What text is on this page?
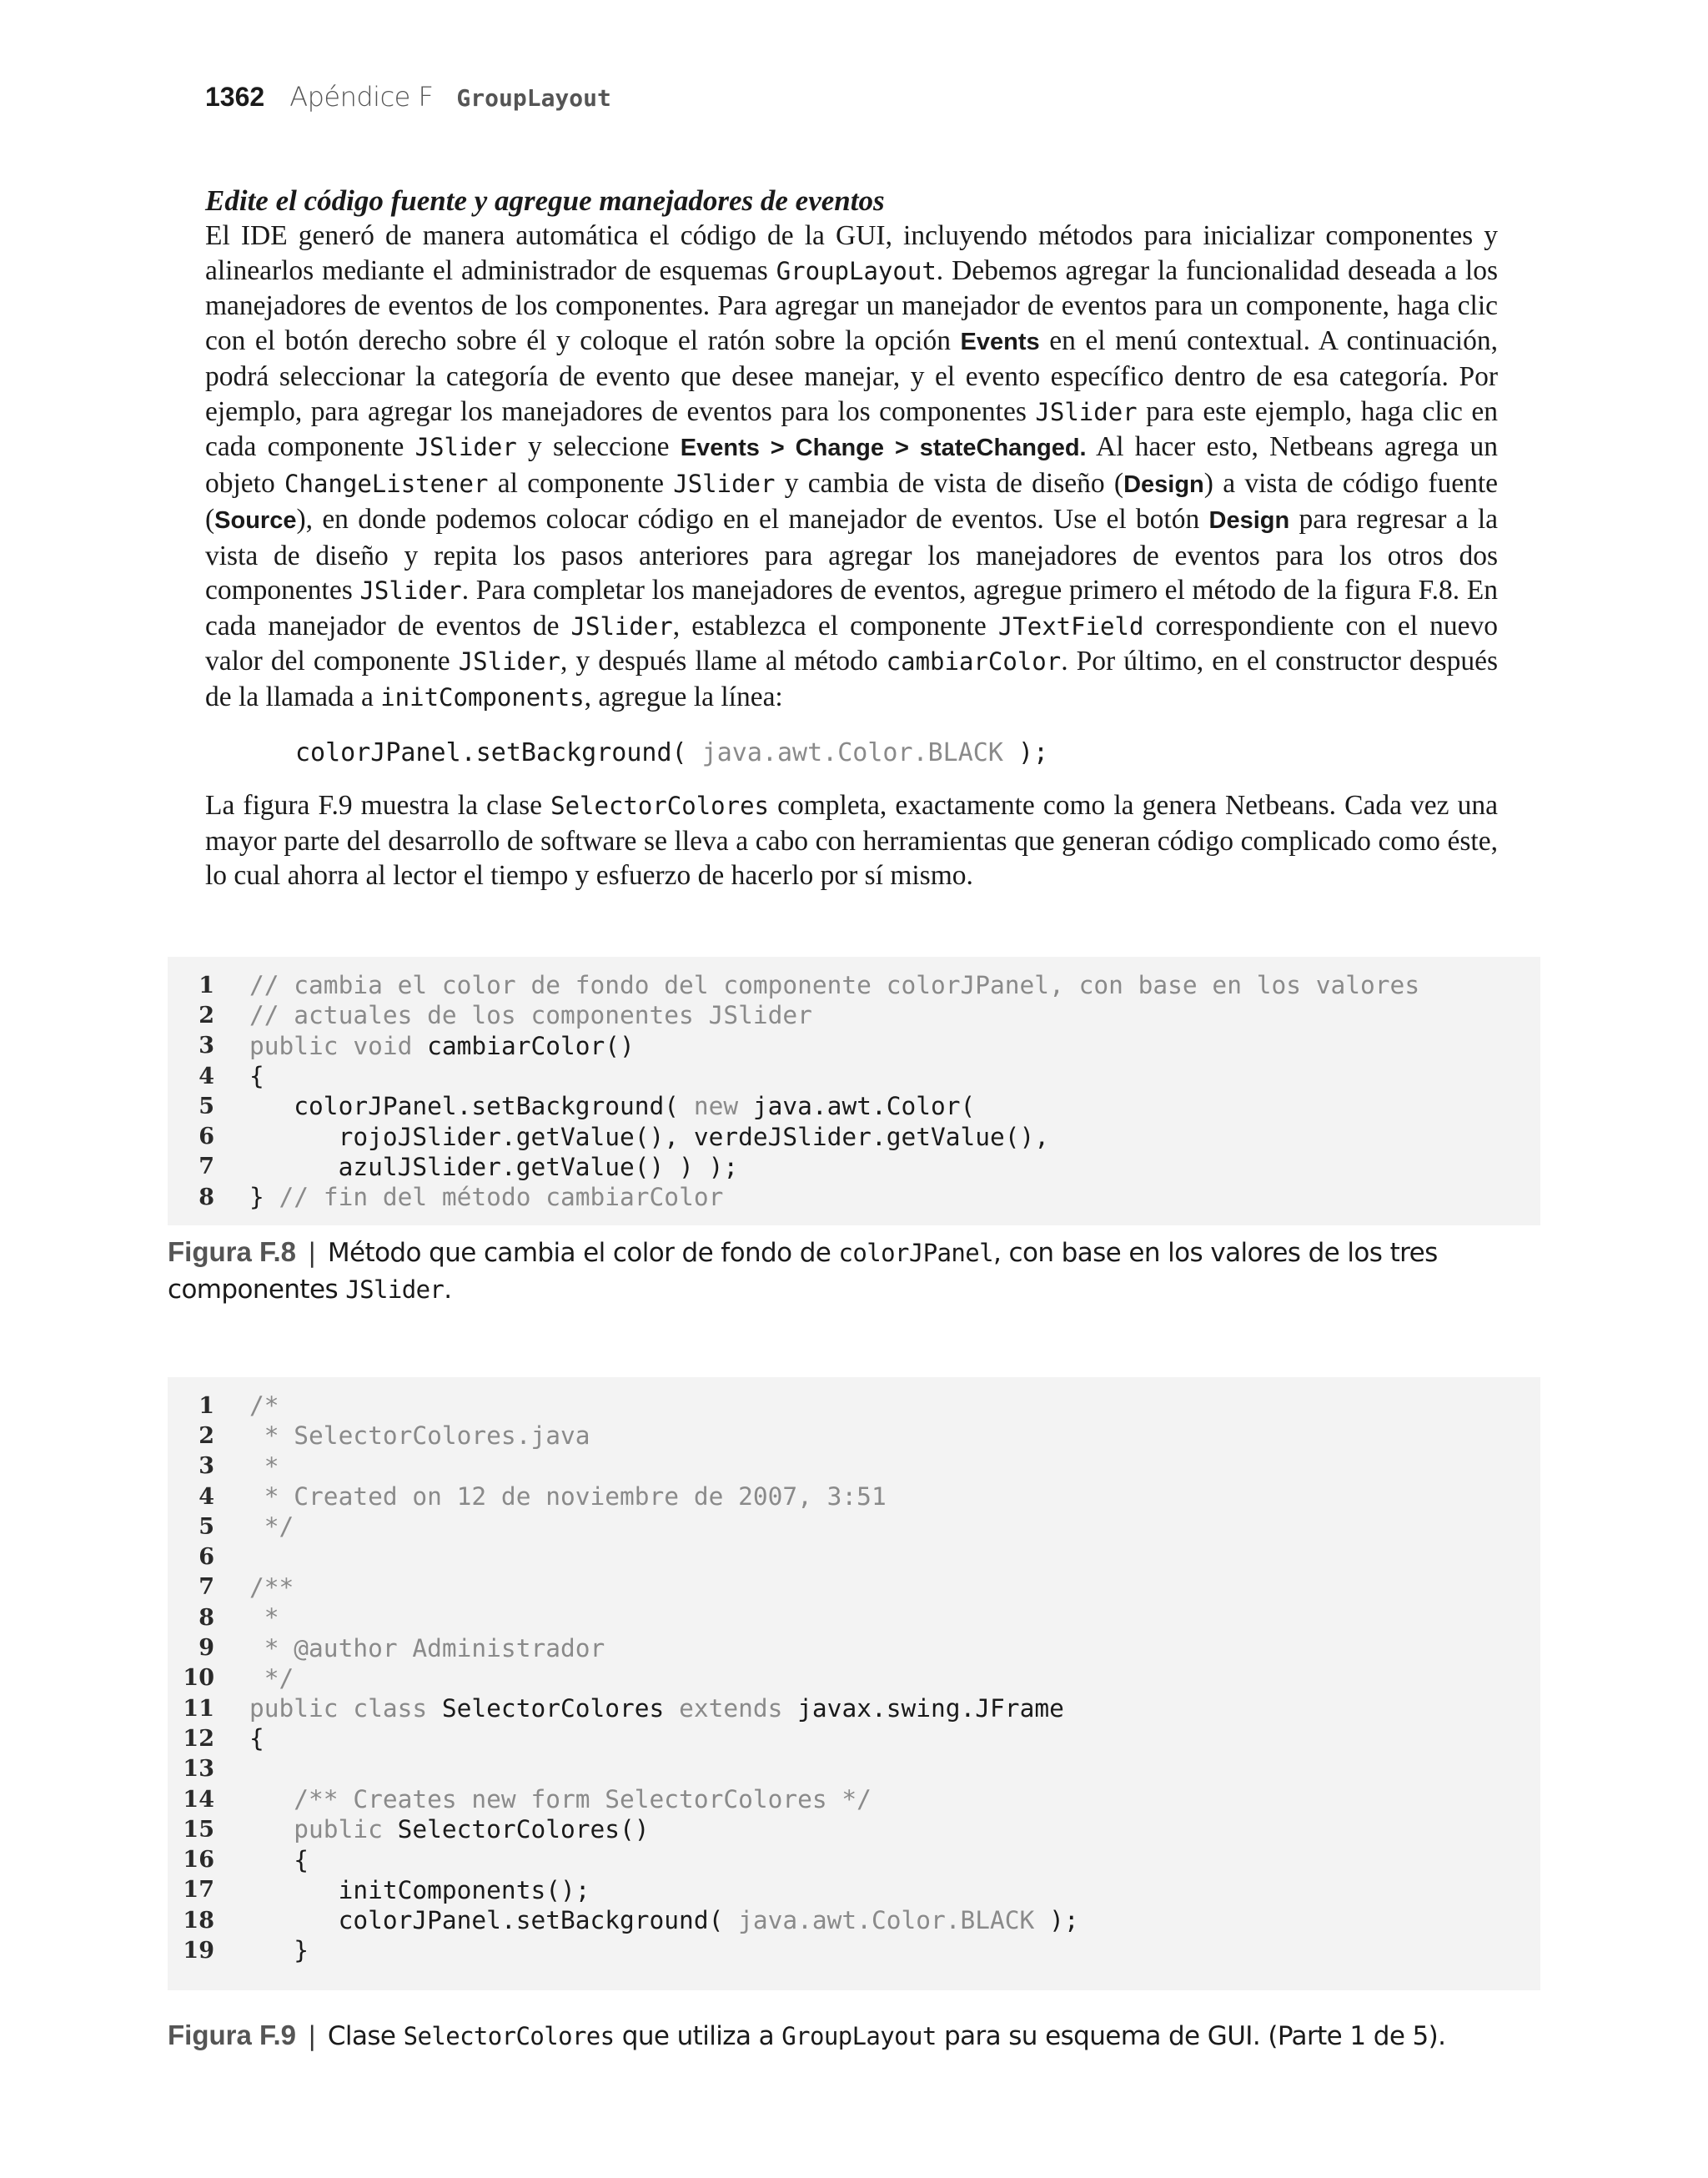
1362 Apéndice F GroupLayout
Edite el código fuente y agregue manejadores de eventos

El IDE generó de manera automática el código de la GUI, incluyendo métodos para inicializar componentes y alinearlos mediante el administrador de esquemas GroupLayout. Debemos agregar la funcionalidad deseada a los manejadores de eventos de los componentes. Para agregar un manejador de eventos para un componente, haga clic con el botón derecho sobre él y coloque el ratón sobre la opción Events en el menú contextual. A continuación, podrá seleccionar la categoría de evento que desee manejar, y el evento específico dentro de esa categoría. Por ejemplo, para agregar los manejadores de eventos para los componentes JSlider para este ejemplo, haga clic en cada componente JSlider y seleccione Events > Change > stateChanged. Al hacer esto, Netbeans agrega un objeto ChangeListener al componente JSlider y cambia de vista de diseño (Design) a vista de código fuente (Source), en donde podemos colocar código en el manejador de eventos. Use el botón Design para regresar a la vista de diseño y repita los pasos anteriores para agregar los manejadores de eventos para los otros dos componentes JSlider. Para completar los manejadores de eventos, agregue primero el método de la figura F.8. En cada manejador de eventos de JSlider, establezca el componente JTextField correspondiente con el nuevo valor del componente JSlider, y después llame al método cambiarColor. Por último, en el constructor después de la llamada a initComponents, agregue la línea:

colorJPanel.setBackground( java.awt.Color.BLACK );

La figura F.9 muestra la clase SelectorColores completa, exactamente como la genera Netbeans. Cada vez una mayor parte del desarrollo de software se lleva a cabo con herramientas que generan código complicado como éste, lo cual ahorra al lector el tiempo y esfuerzo de hacerlo por sí mismo.

1 // cambia el color de fondo del componente colorJPanel, con base en los valores
2 // actuales de los componentes JSlider
3 public void cambiarColor()
4 {
5 colorJPanel.setBackground( new java.awt.Color(
6 rojoJSlider.getValue(), verdeJSlider.getValue(),
7 azulJSlider.getValue() ) );
8 } // fin del método cambiarColor
Figura F.8 | Método que cambia el color de fondo de colorJPanel, con base en los valores de los tres componentes JSlider.
1 /*
2 * SelectorColores.java
3 *
4 * Created on 12 de noviembre de 2007, 3:51
5 */
6
7 /**
8 *
9 * @author Administrador
10 */
11 public class SelectorColores extends javax.swing.JFrame
12 {
13
14 /** Creates new form SelectorColores */
15 public SelectorColores()
16 {
17 initComponents();
18 colorJPanel.setBackground( java.awt.Color.BLACK );
19 }
Figura F.9 | Clase SelectorColores que utiliza a GroupLayout para su esquema de GUI. (Parte 1 de 5).
